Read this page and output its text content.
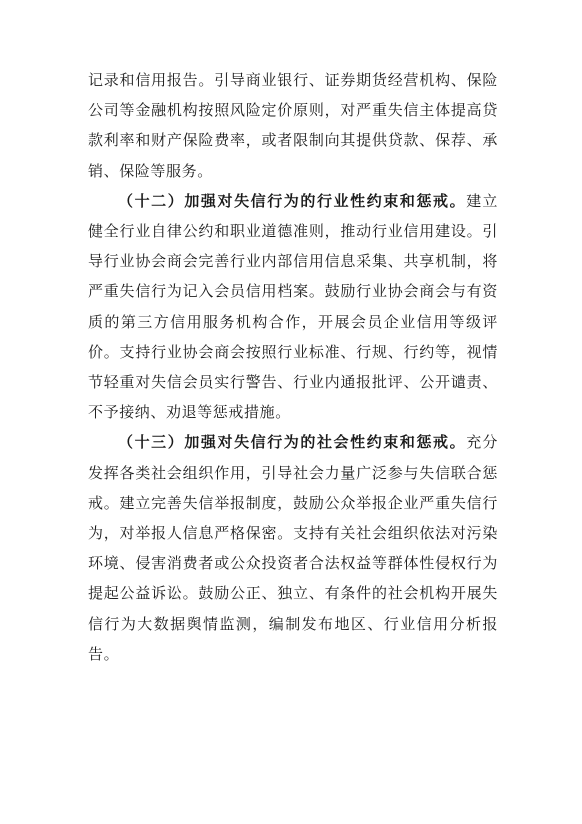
记录和信用报告。引导商业银行、证券期货经营机构、保险公司等金融机构按照风险定价原则，对严重失信主体提高贷款利率和财产保险费率，或者限制向其提供贷款、保荐、承销、保险等服务。

（十二）加强对失信行为的行业性约束和惩戒。建立健全行业自律公约和职业道德准则，推动行业信用建设。引导行业协会商会完善行业内部信用信息采集、共享机制，将严重失信行为记入会员信用档案。鼓励行业协会商会与有资质的第三方信用服务机构合作，开展会员企业信用等级评价。支持行业协会商会按照行业标准、行规、行约等，视情节轻重对失信会员实行警告、行业内通报批评、公开谴责、不予接纳、劝退等惩戒措施。

（十三）加强对失信行为的社会性约束和惩戒。充分发挥各类社会组织作用，引导社会力量广泛参与失信联合惩戒。建立完善失信举报制度，鼓励公众举报企业严重失信行为，对举报人信息严格保密。支持有关社会组织依法对污染环境、侵害消费者或公众投资者合法权益等群体性侵权行为提起公益诉讼。鼓励公正、独立、有条件的社会机构开展失信行为大数据舆情监测，编制发布地区、行业信用分析报告。
